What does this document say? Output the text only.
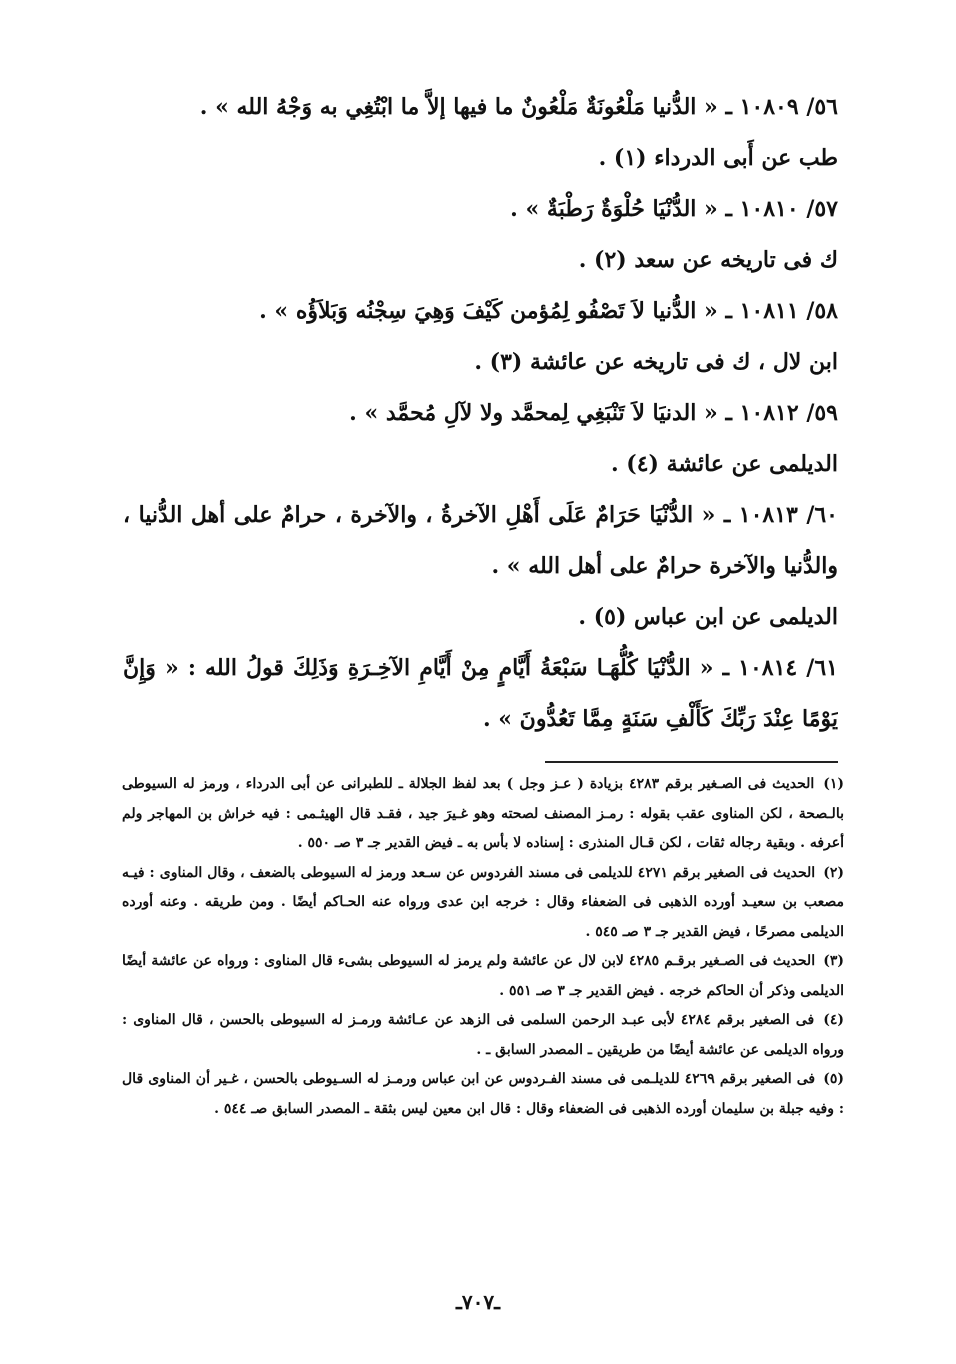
٥٦/ ١٠٨٠٩ ـ « الدُّنيا مَلْعُونَةٌ مَلْعُونٌ ما فيها إلاَّ ما ابْتُغِي به وَجْهُ الله » .
طب عن أَبى الدرداء (١) .
٥٧/ ١٠٨١٠ ـ « الدُّنْيَا حُلْوَةٌ رَطْبَةٌ » .
ك فى تاريخه عن سعد (٢) .
٥٨/ ١٠٨١١ ـ « الدُّنيا لاَ تَصْفُو لِمُؤمن كَيْفَ وَهِيَ سِجْنُه وَبَلاَؤُه » .
ابن لال ، ك فى تاريخه عن عائشة (٣) .
٥٩/ ١٠٨١٢ ـ « الدنيَا لاَ تَنْبَغِي لِمحمَّد ولا لآلِ مُحمَّد » .
الديلمى عن عائشة (٤) .
٦٠/ ١٠٨١٣ ـ « الدُّنْيَا حَرَامٌ عَلَى أَهْلِ الآخرةُ ، والآخرة ، حرامٌ على أهل الدُّنيا ، والدُّنيا والآخرة حرامٌ على أهل الله » .
الديلمى عن ابن عباس (٥) .
٦١/ ١٠٨١٤ ـ « الدُّنْيَا كُلُّهَـا سَبْعَةُ أَيَّامٍ مِنْ أَيَّامِ الآخِـرَةِ وَذَلِكَ قولُ الله : « وَإِنَّ يَوْمًا عِنْدَ رَبِّكَ كَأَلْفِ سَنَةٍ مِمَّا تَعُدُّونَ » .
(١) الحديث فى الصـغير برقم ٤٢٨٣ بزيادة ( عـز وجل ) بعد لفظ الجلالة ـ للطبرانى عن أبى الدرداء ، ورمز له السيوطى بالـصحة ، لكن المناوى عقب بقوله : رمـز المصنف لصحته وهو غـيرَ جيد ، فقـد قال الهيثـمى : فيه خراش بن المهاجر ولم أعرفه . وبقية رجاله ثقات ، لكن قـال المنذرى : إسناده لا بأس به ـ فيض القدير جـ ٣ صـ ٥٥٠ .
(٢) الحديث فى الصغير برقم ٤٢٧١ للديلمى فى مسند الفردوس عن سـعد ورمز له السيوطى بالضعف ، وقال المناوى : فيـه مصعب بن سعيـد أورده الذهبى فى الضعفاء وقال : خرجه ابن عدى ورواه عنه الحـاكم أيضًا . ومن طريقه . وعنه أورده الديلمى مصرحًا ، فيض القدير جـ ٣ صـ ٥٤٥ .
(٣) الحديث فى الصـغير برقـم ٤٢٨٥ لابن لال عن عائشة ولم يرمز له السيوطى بشىء قال المناوى : ورواه عن عائشة أيضًا الديلمى وذكر أن الحاكم خرجه . فيض القدير جـ ٣ صـ ٥٥١ .
(٤) فى الصغير برقم ٤٢٨٤ لأبى عبـد الرحمن السلمى فى الزهد عن عـائشة ورمـز له السيوطى بالحسن ، قال المناوى : ورواه الديلمى عن عائشة أيضًا من طريقين ـ المصدر السابق ـ .
(٥) فى الصغير برقم ٤٢٦٩ للديلـمى فى مسند الفـردوس عن ابن عباس ورمـز له السـيوطى بالحسن ، غـير أن المناوى قال : وفيه جبلة بن سليمان أورده الذهبى فى الضعفاء وقال : قال ابن معين ليس بثقة ـ المصدر السابق صـ ٥٤٤ .
ـ٧٠٧ـ
